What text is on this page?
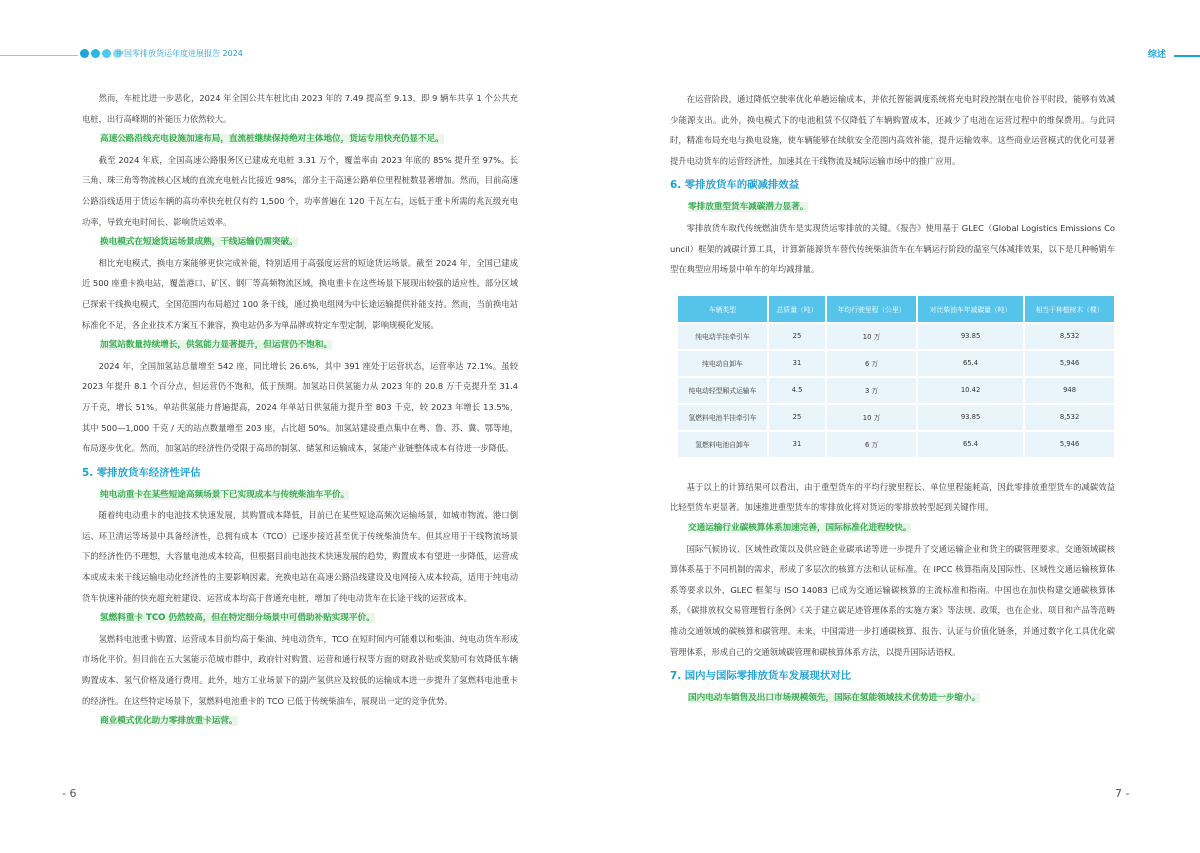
中国零排放货运年度进展报告 2024

然而，车桩比进一步恶化，2024 年全国公共车桩比由 2023 年的 7.49 提高至 9.13，即 9 辆车共享 1 个公共充电桩，出行高峰期的补能压力依然较大。

高速公路沿线充电设施加速布局，直流桩继续保持绝对主体地位，货运专用快充仍显不足。

截至 2024 年底，全国高速公路服务区已建成充电桩 3.31 万个，覆盖率由 2023 年底的 85% 提升至 97%。长三角、珠三角等物流核心区域的直流充电桩占比接近 98%，部分主干高速公路单位里程桩数显著增加。然而，目前高速公路沿线适用于货运车辆的高功率快充桩仅有约 1,500 个，功率普遍在 120 千瓦左右，远低于重卡所需的兆瓦级充电功率，导致充电时间长、影响货运效率。

换电模式在短途货运场景成熟，干线运输仍需突破。

相比充电模式，换电方案能够更快完成补能，特别适用于高强度运营的短途货运场景。截至 2024 年，全国已建成近 500 座重卡换电站，覆盖港口、矿区、钢厂等高频物流区域，换电重卡在这些场景下展现出较强的适应性。部分区域已探索干线换电模式，全国范围内布局超过 100 条干线，通过换电组网为中长途运输提供补能支持。然而，当前换电站标准化不足，各企业技术方案互不兼容，换电站仍多为单品牌或特定车型定制，影响规模化发展。

加氢站数量持续增长，供氢能力显著提升，但运营仍不饱和。

2024 年，全国加氢站总量增至 542 座，同比增长 26.6%，其中 391 座处于运营状态，运营率达 72.1%。虽较 2023 年提升 8.1 个百分点，但运营仍不饱和，低于预期。加氢站日供氢能力从 2023 年的 20.8 万千克提升至 31.4 万千克，增长 51%。单站供氢能力普遍提高，2024 年单站日供氢能力提升至 803 千克，较 2023 年增长 13.5%，其中 500—1,000 千克 / 天的站点数量增至 203 座，占比超 50%。加氢站建设重点集中在粤、鲁、苏、冀、鄂等地，布局逐步优化。然而，加氢站的经济性仍受限于高昂的制氢、储氢和运输成本，氢能产业链整体成本有待进一步降低。

5. 零排放货车经济性评估

纯电动重卡在某些短途高频场景下已实现成本与传统柴油车平价。

随着纯电动重卡的电池技术快速发展，其购置成本降低，目前已在某些短途高频次运输场景，如城市物流、港口倒运、环卫清运等场景中具备经济性，总拥有成本（TCO）已逐步接近甚至优于传统柴油货车。但其应用于干线物流场景下的经济性仍不理想，大容量电池成本较高，但根据目前电池技术快速发展的趋势，购置成本有望进一步降低，运营成本或成未来干线运输电动化经济性的主要影响因素。充换电站在高速公路沿线建设及电网接入成本较高，适用于纯电动货车快速补能的快充超充桩建设、运营成本均高于普通充电桩，增加了纯电动货车在长途干线的运营成本。

氢燃料重卡 TCO 仍然较高，但在特定细分场景中可借助补贴实现平价。

氢燃料电池重卡购置、运营成本目前均高于柴油、纯电动货车，TCO 在短时间内可能难以和柴油、纯电动货车形成市场化平价。但目前在五大氢能示范城市群中，政府针对购置、运营和通行权等方面的财政补贴或奖励可有效降低车辆购置成本、氢气价格及通行费用。此外，地方工业场景下的副产氢供应及较低的运输成本进一步提升了氢燃料电池重卡的经济性。在这些特定场景下，氢燃料电池重卡的 TCO 已低于传统柴油车，展现出一定的竞争优势。

商业模式优化助力零排放重卡运营。

- 6
综述

在运营阶段，通过降低空驶率优化单趟运输成本，并依托智能调度系统将充电时段控制在电价谷平时段，能够有效减少能源支出。此外，换电模式下的电池租赁不仅降低了车辆购置成本，还减少了电池在运营过程中的维保费用。与此同时，精准布局充电与换电设施，使车辆能够在续航安全范围内高效补能，提升运输效率。这些商业运营模式的优化可显著提升电动货车的运营经济性，加速其在干线物流及城际运输市场中的推广应用。

6. 零排放货车的碳减排效益

零排放重型货车减碳潜力显著。

零排放货车取代传统燃油货车是实现货运零排放的关键。《报告》使用基于 GLEC（Global Logistics Emissions Council）框架的减碳计算工具，计算新能源货车替代传统柴油货车在车辆运行阶段的温室气体减排效果，以下是几种畅销车型在典型应用场景中单车的年均减排量。

车辆类型	总质量（吨）	年均行驶里程（公里）	对比柴油车年减碳量（吨）	相当于种植树木（棵）
纯电动半挂牵引车	25	10 万	93.85	8,532
纯电动自卸车	31	6 万	65.4	5,946
纯电动轻型厢式运输车	4.5	3 万	10.42	948
氢燃料电池半挂牵引车	25	10 万	93.85	8,532
氢燃料电池自卸车	31	6 万	65.4	5,946

基于以上的计算结果可以看出，由于重型货车的平均行驶里程长、单位里程能耗高，因此零排放重型货车的减碳效益比轻型货车更显著。加速推进重型货车的零排放化将对货运的零排放转型起到关键作用。

交通运输行业碳核算体系加速完善，国际标准化进程较快。

国际气候协议、区域性政策以及供应链企业碳承诺等进一步提升了交通运输企业和货主的碳管理要求。交通领域碳核算体系基于不同机制的需求，形成了多层次的核算方法和认证标准。在 IPCC 核算指南及国际性、区域性交通运输核算体系等要求以外，GLEC 框架与 ISO 14083 已成为交通运输碳核算的主流标准和指南。中国也在加快构建交通碳核算体系，《碳排放权交易管理暂行条例》《关于建立碳足迹管理体系的实施方案》等法规、政策，也在企业、项目和产品等范畴推动交通领域的碳核算和碳管理。未来，中国需进一步打通碳核算、报告、认证与价值化链条，并通过数字化工具优化碳管理体系，形成自己的交通领域碳管理和碳核算体系方法，以提升国际话语权。

7. 国内与国际零排放货车发展现状对比

国内电动车销售及出口市场规模领先，国际在氢能领域技术优势进一步缩小。

7 -
